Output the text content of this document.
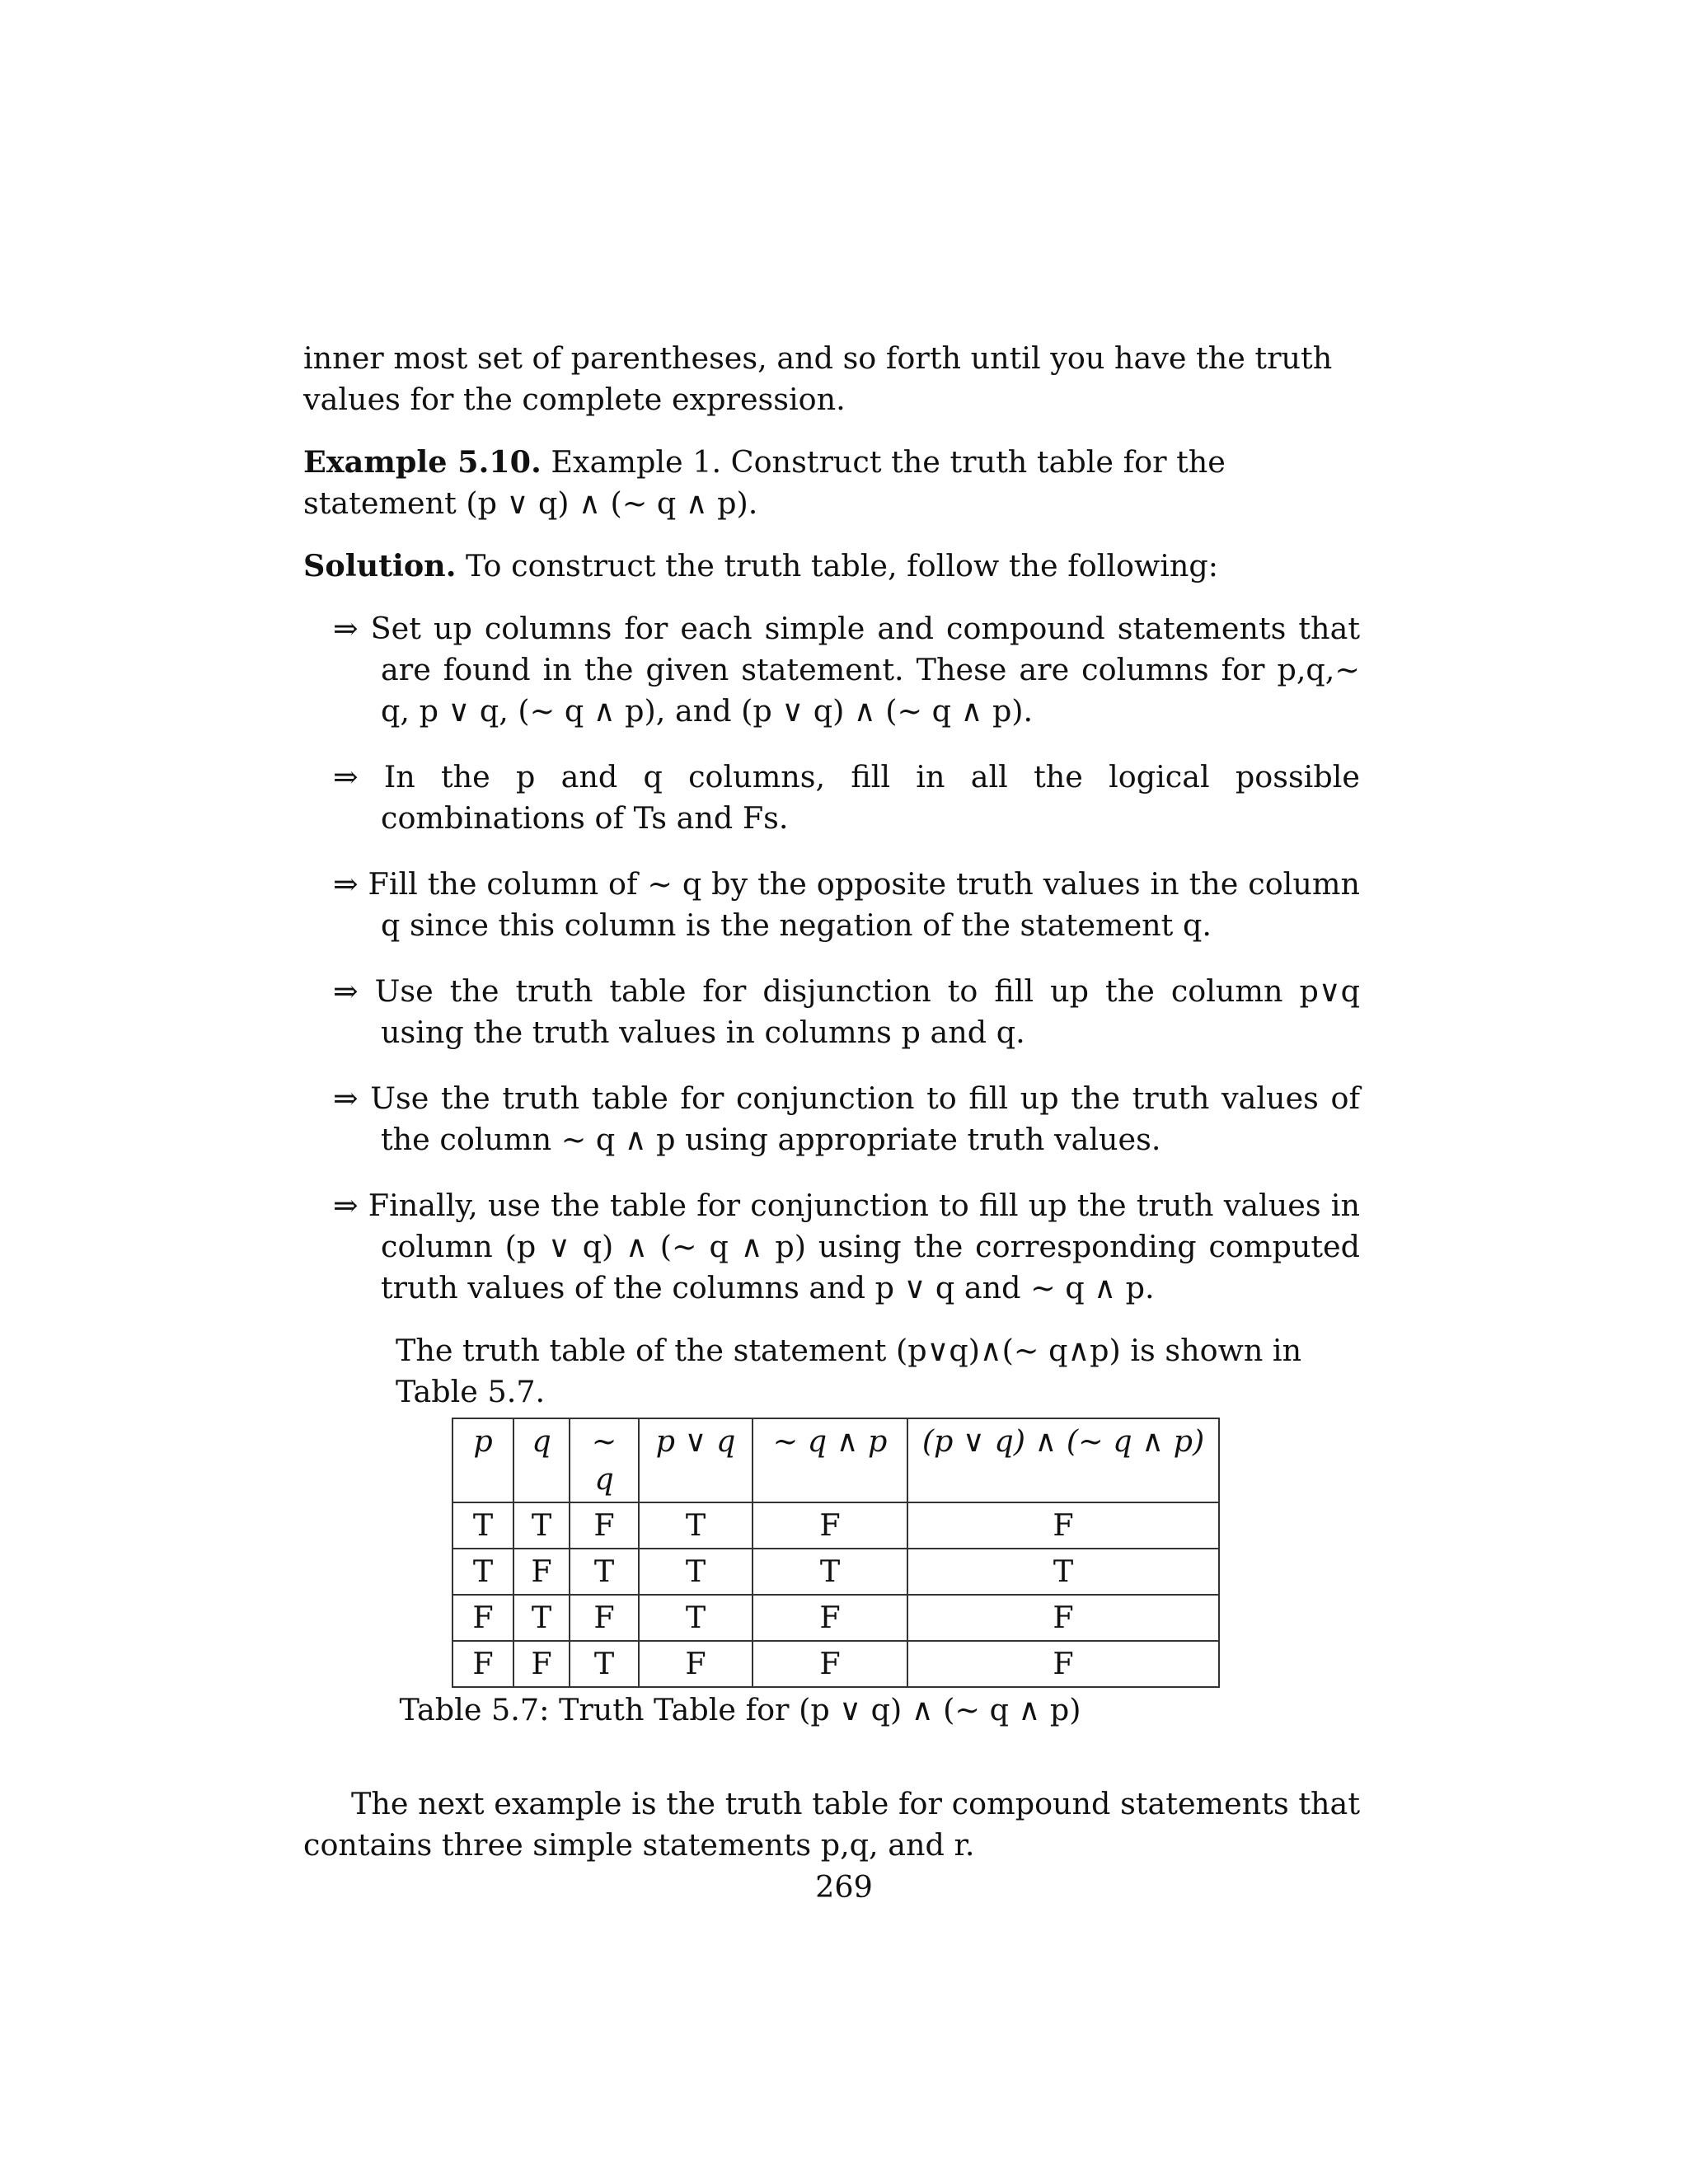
inner most set of parentheses, and so forth until you have the truth values for the complete expression.

Example 5.10. Example 1. Construct the truth table for the statement (p ∨ q) ∧ (~ q ∧ p).

Solution. To construct the truth table, follow the following:

⇒ Set up columns for each simple and compound statements that are found in the given statement. These are columns for p,q,~ q, p ∨ q, (~ q ∧ p), and (p ∨ q) ∧ (~ q ∧ p).

⇒ In the p and q columns, fill in all the logical possible combinations of Ts and Fs.

⇒ Fill the column of ~ q by the opposite truth values in the column q since this column is the negation of the statement q.

⇒ Use the truth table for disjunction to fill up the column p∨q using the truth values in columns p and q.

⇒ Use the truth table for conjunction to fill up the truth values of the column ~ q ∧ p using appropriate truth values.

⇒ Finally, use the table for conjunction to fill up the truth values in column (p ∨ q) ∧ (~ q ∧ p) using the corresponding computed truth values of the columns and p ∨ q and ~ q ∧ p.

The truth table of the statement (p∨q)∧(~ q∧p) is shown in Table 5.7.

p	q	~ q	p ∨ q	~ q ∧ p	(p ∨ q) ∧ (~ q ∧ p)
T	T	F	T	F	F
T	F	T	T	T	T
F	T	F	T	F	F
F	F	T	F	F	F

Table 5.7: Truth Table for (p ∨ q) ∧ (~ q ∧ p)

The next example is the truth table for compound statements that contains three simple statements p,q, and r.

269
